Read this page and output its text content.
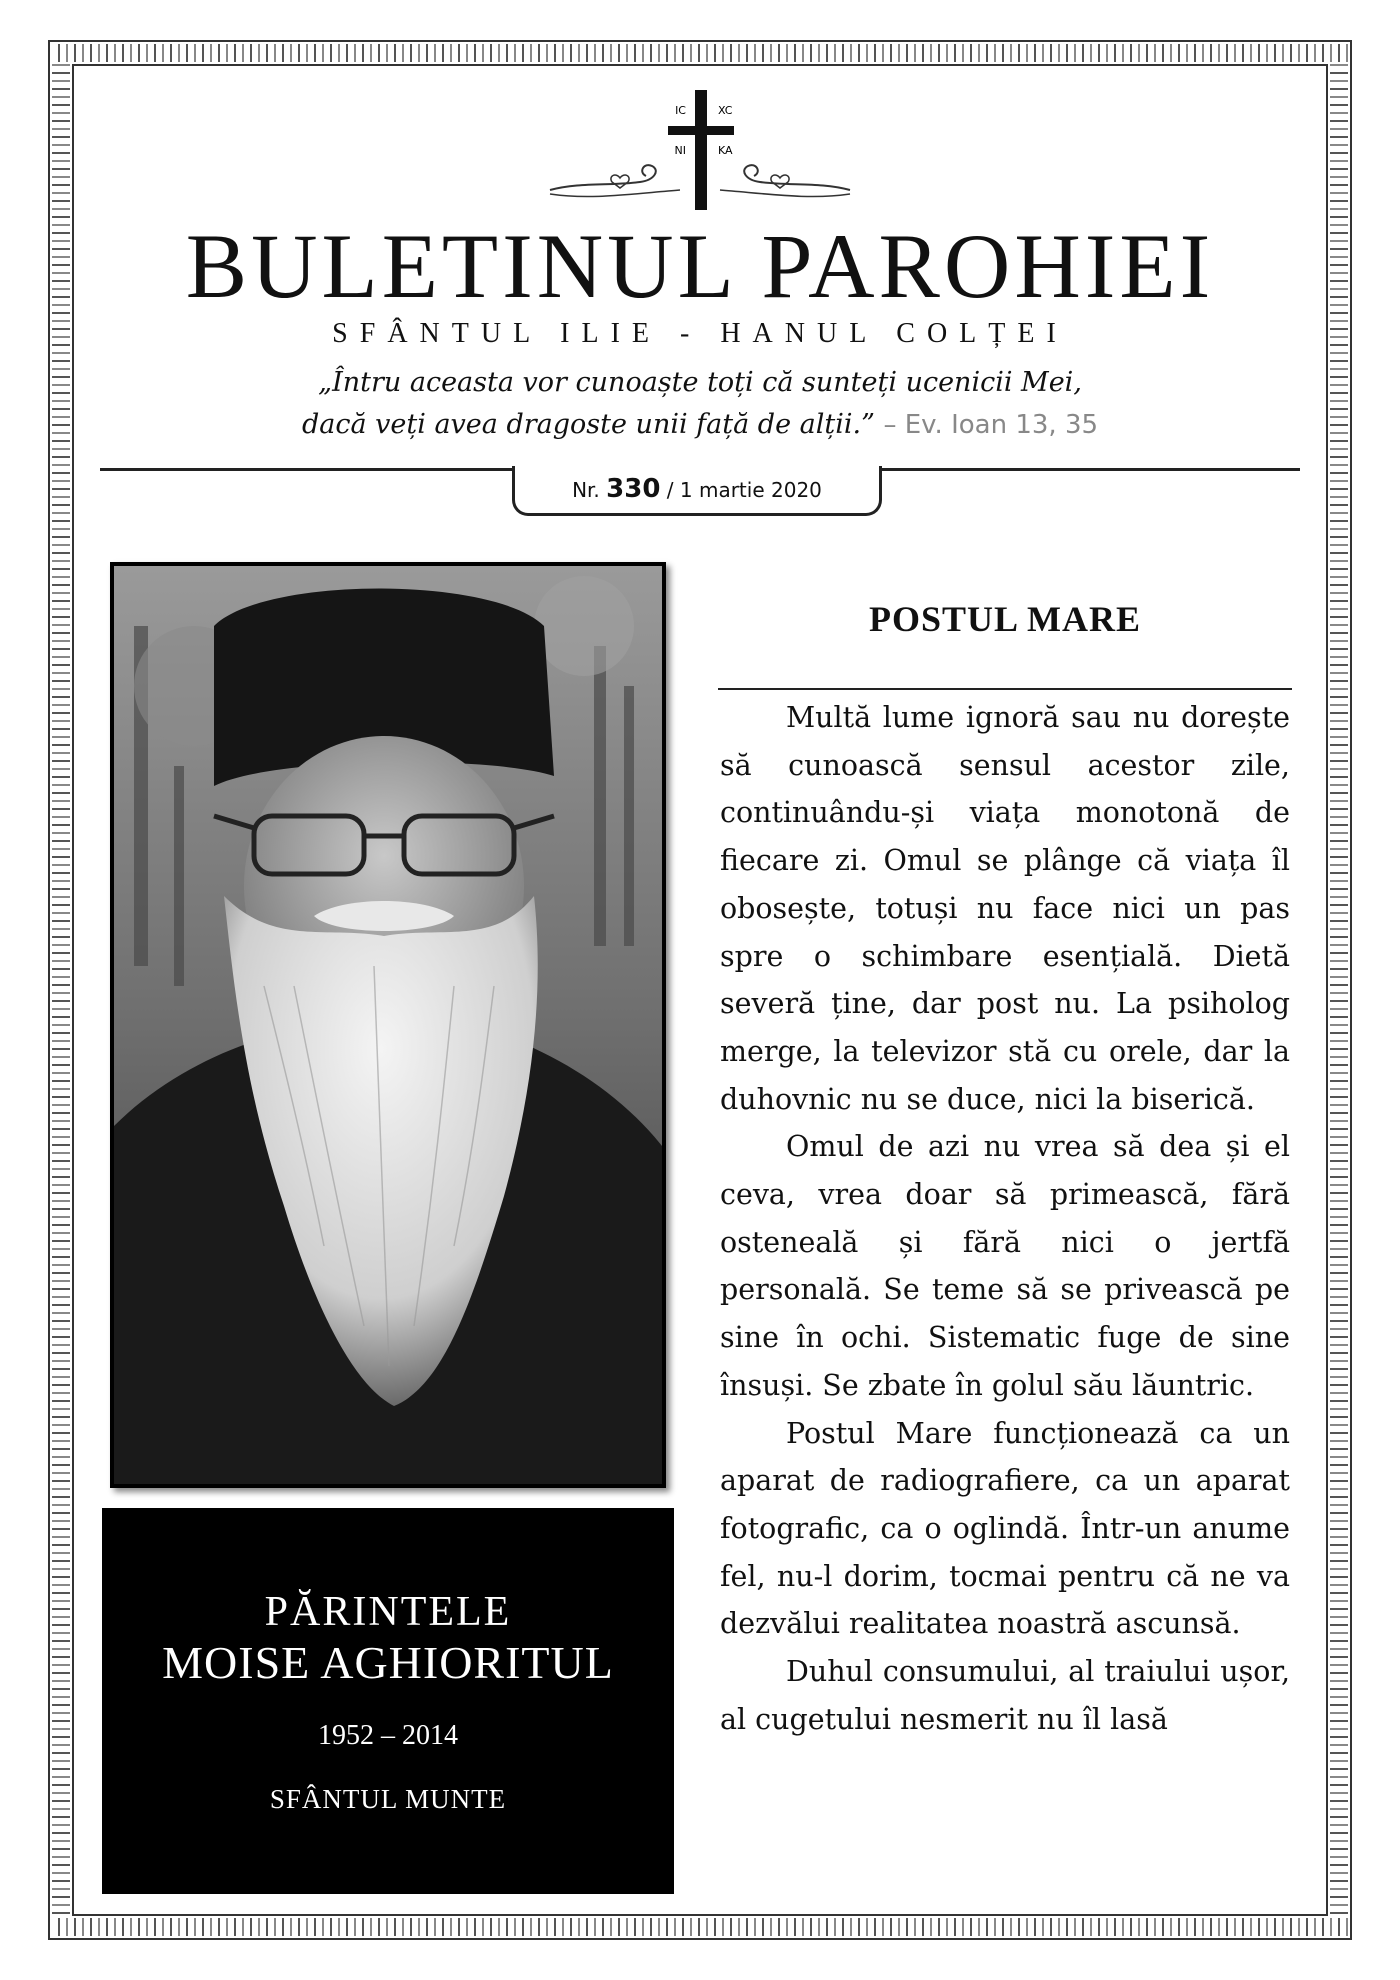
IC	XC
NI	KA
BULETINUL PAROHIEI

SFÂNTUL ILIE - HANUL COLȚEI

„Întru aceasta vor cunoaște toți că sunteți ucenicii Mei,
dacă veți avea dragoste unii față de alții.” – Ev. Ioan 13, 35

Nr. 330 / 1 martie 2020
PĂRINTELE
MOISE AGHIORITUL
1952 – 2014
SFÂNTUL MUNTE
POSTUL MARE

Multă lume ignoră sau nu dorește să cunoască sensul acestor zile, continuându-și viața monotonă de fiecare zi. Omul se plânge că viața îl obosește, totuși nu face nici un pas spre o schimbare esențială. Dietă severă ține, dar post nu. La psiholog merge, la televizor stă cu orele, dar la duhovnic nu se duce, nici la biserică.

Omul de azi nu vrea să dea și el ceva, vrea doar să primească, fără osteneală și fără nici o jertfă personală. Se teme să se privească pe sine în ochi. Sistematic fuge de sine însuși. Se zbate în golul său lăuntric.

Postul Mare funcționează ca un aparat de radiografiere, ca un aparat fotografic, ca o oglindă. Într-un anume fel, nu-l dorim, tocmai pentru că ne va dezvălui realitatea noastră ascunsă.

Duhul consumului, al traiului ușor, al cugetului nesmerit nu îl lasă
